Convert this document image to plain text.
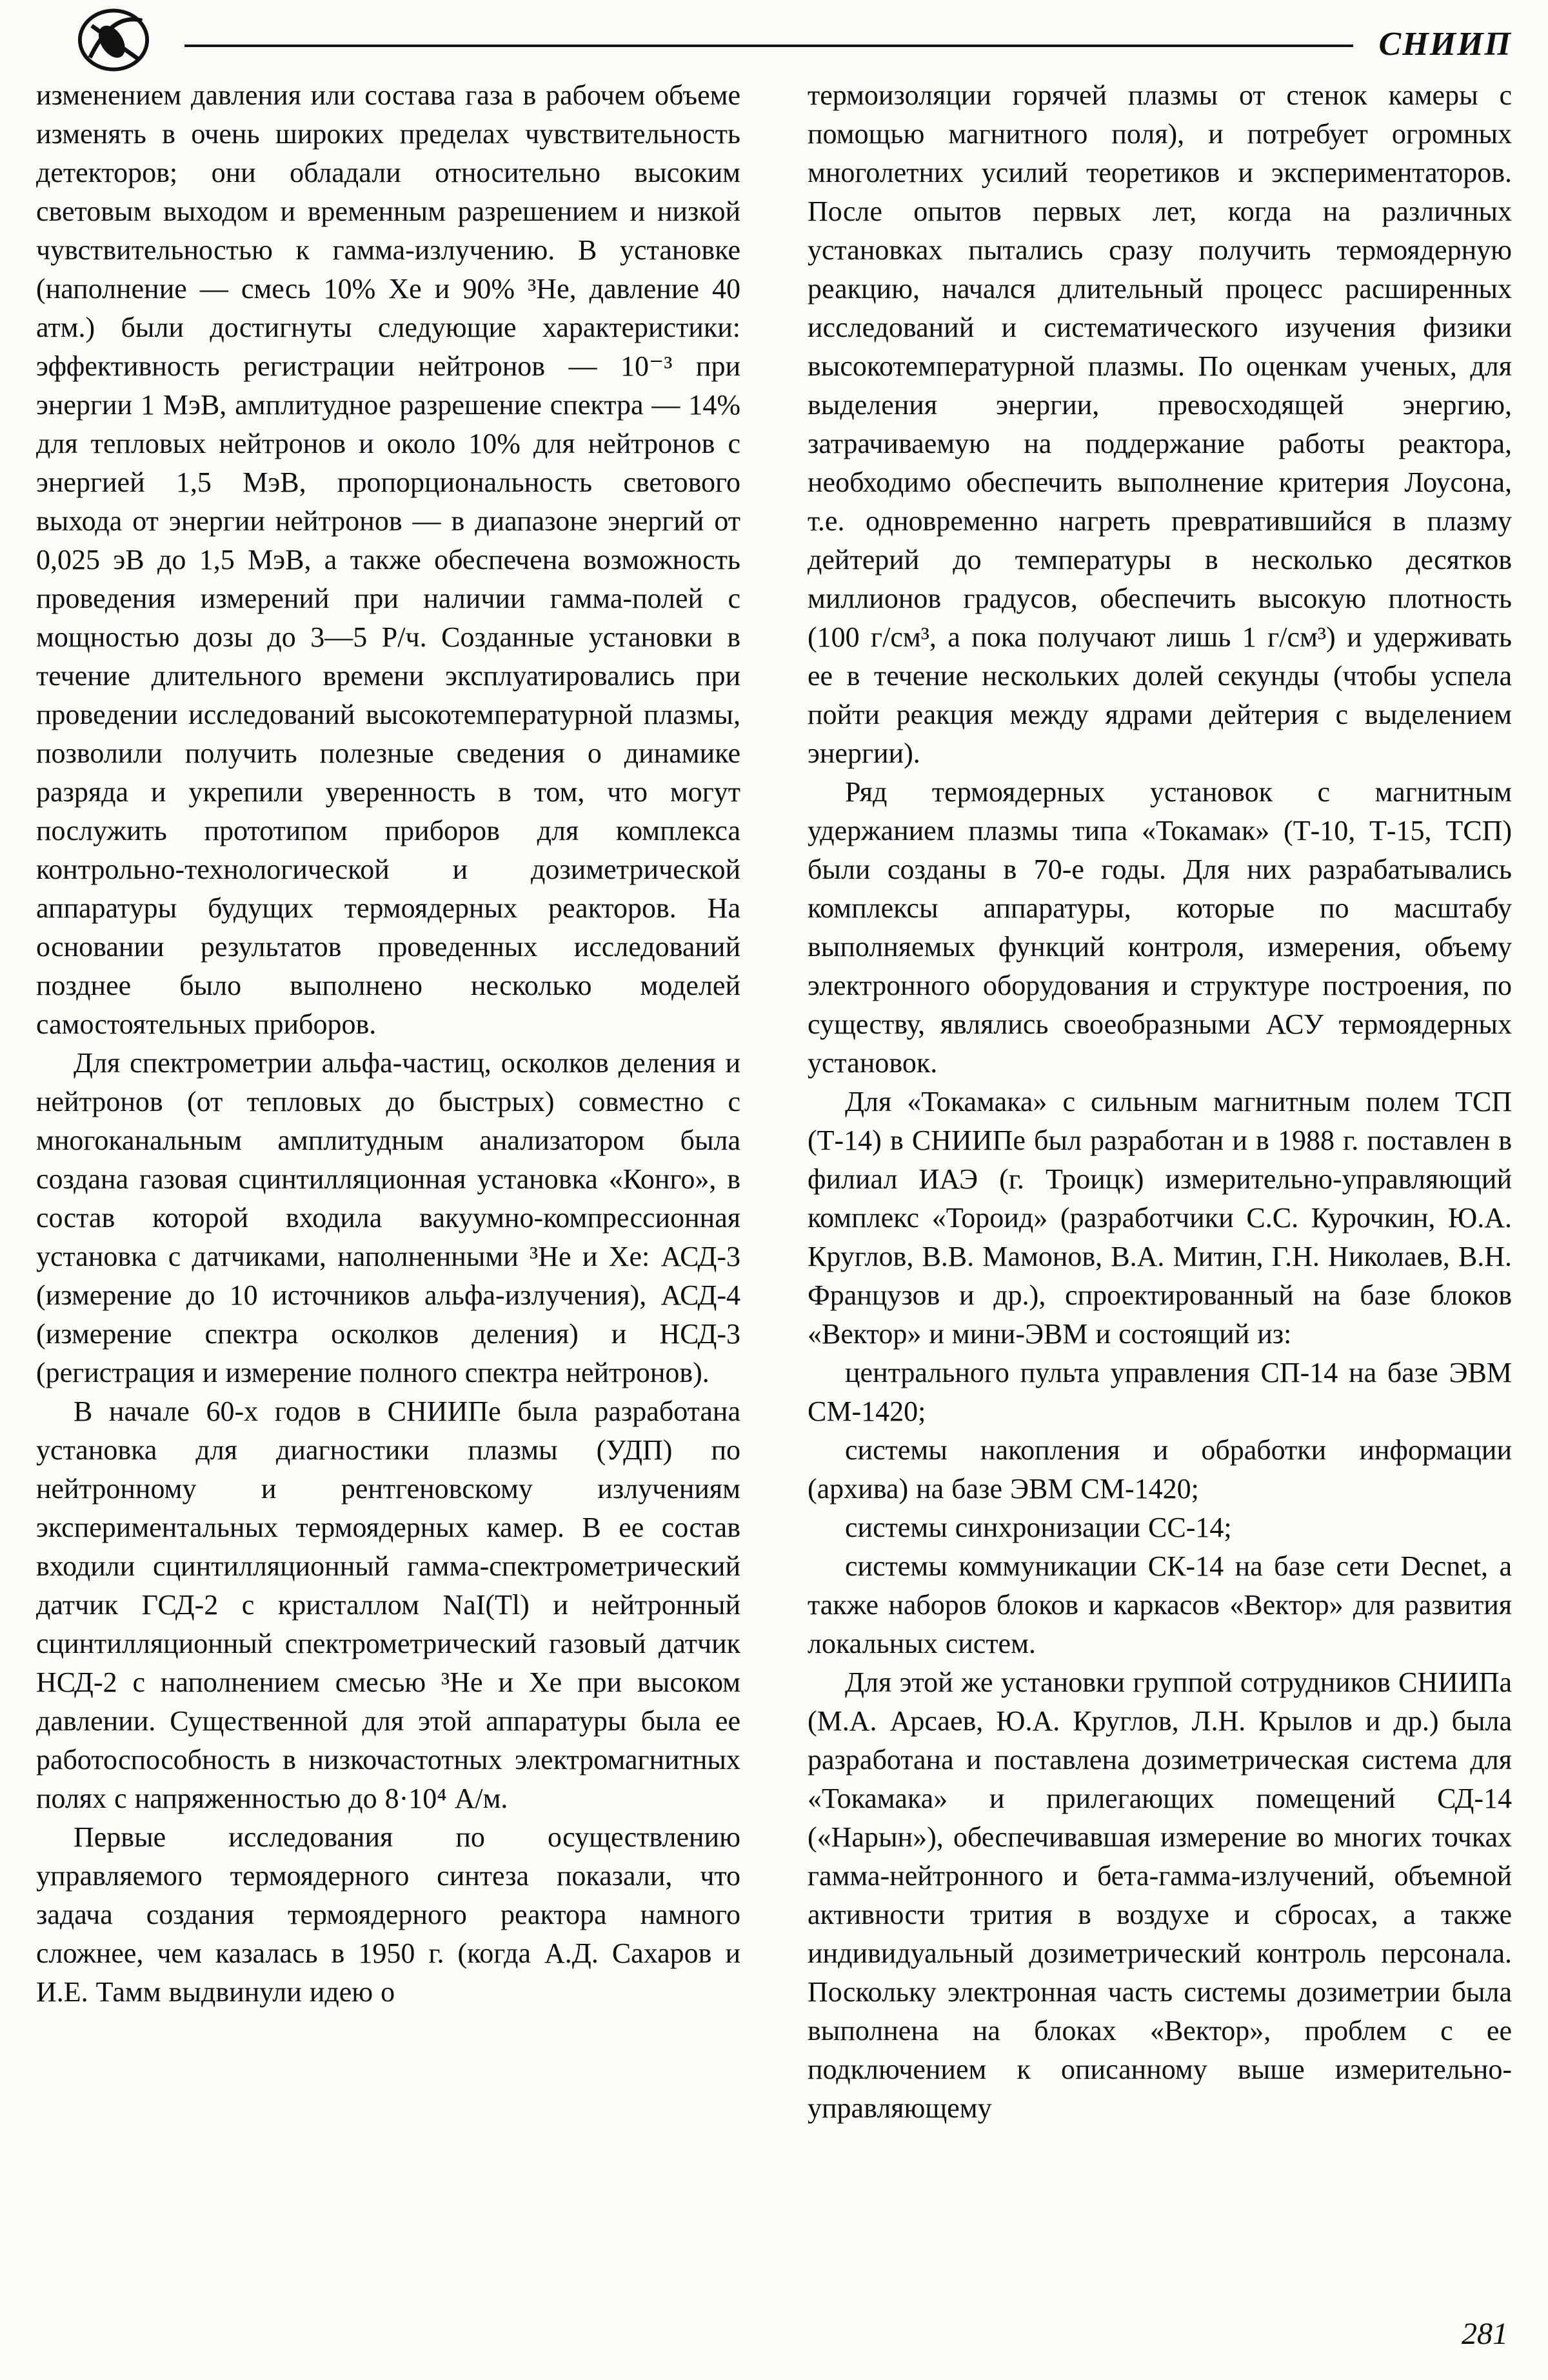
СНИИП

изменением давления или состава газа в рабочем объеме изменять в очень широких пределах чувствительность детекторов; они обладали относительно высоким световым выходом и временным разрешением и низкой чувствительностью к гамма-излучению. В установке (наполнение — смесь 10% Хе и 90% ³Не, давление 40 атм.) были достигнуты следующие характеристики: эффективность регистрации нейтронов — 10⁻³ при энергии 1 МэВ, амплитудное разрешение спектра — 14% для тепловых нейтронов и около 10% для нейтронов с энергией 1,5 МэВ, пропорциональность светового выхода от энергии нейтронов — в диапазоне энергий от 0,025 эВ до 1,5 МэВ, а также обеспечена возможность проведения измерений при наличии гамма-полей с мощностью дозы до 3—5 Р/ч. Созданные установки в течение длительного времени эксплуатировались при проведении исследований высокотемпературной плазмы, позволили получить полезные сведения о динамике разряда и укрепили уверенность в том, что могут послужить прототипом приборов для комплекса контрольно-технологической и дозиметрической аппаратуры будущих термоядерных реакторов. На основании результатов проведенных исследований позднее было выполнено несколько моделей самостоятельных приборов.

Для спектрометрии альфа-частиц, осколков деления и нейтронов (от тепловых до быстрых) совместно с многоканальным амплитудным анализатором была создана газовая сцинтилляционная установка «Конго», в состав которой входила вакуумно-компрессионная установка с датчиками, наполненными ³Не и Хе: АСД-3 (измерение до 10 источников альфа-излучения), АСД-4 (измерение спектра осколков деления) и НСД-3 (регистрация и измерение полного спектра нейтронов).

В начале 60-х годов в СНИИПе была разработана установка для диагностики плазмы (УДП) по нейтронному и рентгеновскому излучениям экспериментальных термоядерных камер. В ее состав входили сцинтилляционный гамма-спектрометрический датчик ГСД-2 с кристаллом NaI(Tl) и нейтронный сцинтилляционный спектрометрический газовый датчик НСД-2 с наполнением смесью ³Не и Хе при высоком давлении. Существенной для этой аппаратуры была ее работоспособность в низкочастотных электромагнитных полях с напряженностью до 8·10⁴ А/м.

Первые исследования по осуществлению управляемого термоядерного синтеза показали, что задача создания термоядерного реактора намного сложнее, чем казалась в 1950 г. (когда А.Д. Сахаров и И.Е. Тамм выдвинули идею о

термоизоляции горячей плазмы от стенок камеры с помощью магнитного поля), и потребует огромных многолетних усилий теоретиков и экспериментаторов. После опытов первых лет, когда на различных установках пытались сразу получить термоядерную реакцию, начался длительный процесс расширенных исследований и систематического изучения физики высокотемпературной плазмы. По оценкам ученых, для выделения энергии, превосходящей энергию, затрачиваемую на поддержание работы реактора, необходимо обеспечить выполнение критерия Лоусона, т.е. одновременно нагреть превратившийся в плазму дейтерий до температуры в несколько десятков миллионов градусов, обеспечить высокую плотность (100 г/см³, а пока получают лишь 1 г/см³) и удерживать ее в течение нескольких долей секунды (чтобы успела пойти реакция между ядрами дейтерия с выделением энергии).

Ряд термоядерных установок с магнитным удержанием плазмы типа «Токамак» (Т-10, Т-15, ТСП) были созданы в 70-е годы. Для них разрабатывались комплексы аппаратуры, которые по масштабу выполняемых функций контроля, измерения, объему электронного оборудования и структуре построения, по существу, являлись своеобразными АСУ термоядерных установок.

Для «Токамака» с сильным магнитным полем ТСП (Т-14) в СНИИПе был разработан и в 1988 г. поставлен в филиал ИАЭ (г. Троицк) измерительно-управляющий комплекс «Тороид» (разработчики С.С. Курочкин, Ю.А. Круглов, В.В. Мамонов, В.А. Митин, Г.Н. Николаев, В.Н. Французов и др.), спроектированный на базе блоков «Вектор» и мини-ЭВМ и состоящий из:

центрального пульта управления СП-14 на базе ЭВМ СМ-1420;

системы накопления и обработки информации (архива) на базе ЭВМ СМ-1420;

системы синхронизации СС-14;

системы коммуникации СК-14 на базе сети Decnet, а также наборов блоков и каркасов «Вектор» для развития локальных систем.

Для этой же установки группой сотрудников СНИИПа (М.А. Арсаев, Ю.А. Круглов, Л.Н. Крылов и др.) была разработана и поставлена дозиметрическая система для «Токамака» и прилегающих помещений СД-14 («Нарын»), обеспечивавшая измерение во многих точках гамма-нейтронного и бета-гамма-излучений, объемной активности трития в воздухе и сбросах, а также индивидуальный дозиметрический контроль персонала. Поскольку электронная часть системы дозиметрии была выполнена на блоках «Вектор», проблем с ее подключением к описанному выше измерительно-управляющему

281
